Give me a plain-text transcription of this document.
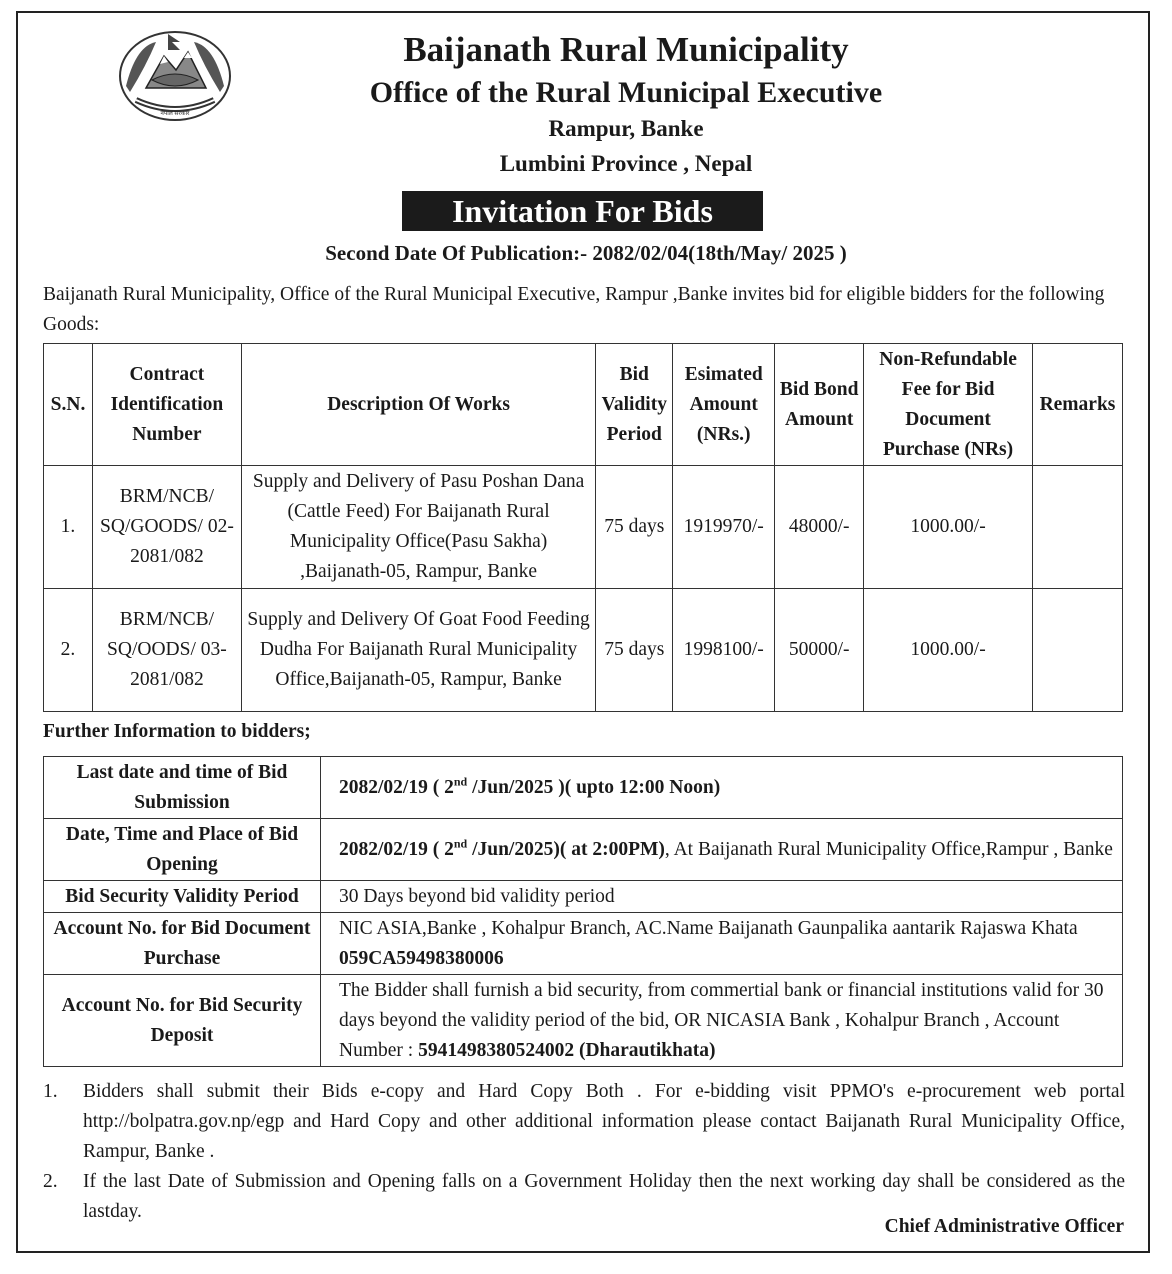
नेपाल सरकार
Baijanath Rural Municipality
Office of the Rural Municipal Executive
Rampur, Banke
Lumbini Province , Nepal
Invitation For Bids
Second Date Of Publication:- 2082/02/04(18th/May/ 2025 )
Baijanath Rural Municipality, Office of the Rural Municipal Executive, Rampur ,Banke invites bid for eligible bidders for the following Goods:
S.N.	Contract Identification Number	Description Of Works	Bid Validity Period	Esimated Amount (NRs.)	Bid Bond Amount	Non-Refundable Fee for Bid Document Purchase (NRs)	Remarks
1.	BRM/NCB/ SQ/GOODS/ 02-2081/082	Supply and Delivery of Pasu Poshan Dana (Cattle Feed) For Baijanath Rural Municipality Office(Pasu Sakha) ,Baijanath-05, Rampur, Banke	75 days	1919970/-	48000/-	1000.00/-	
2.	BRM/NCB/ SQ/OODS/ 03-2081/082	Supply and Delivery Of Goat Food Feeding Dudha For Baijanath Rural Municipality Office,Baijanath-05, Rampur, Banke	75 days	1998100/-	50000/-	1000.00/-	
Further Information to bidders;
Last date and time of Bid Submission	2082/02/19 ( 2nd /Jun/2025 )( upto 12:00 Noon)
Date, Time and Place of Bid Opening	2082/02/19 ( 2nd /Jun/2025)( at 2:00PM), At Baijanath Rural Municipality Office,Rampur , Banke
Bid Security Validity Period	30 Days beyond bid validity period
Account No. for Bid Document Purchase	NIC ASIA,Banke , Kohalpur Branch, AC.Name Baijanath Gaunpalika aantarik Rajaswa Khata 059CA59498380006
Account No. for Bid Security Deposit	The Bidder shall furnish a bid security, from commertial bank or financial institutions valid for 30 days beyond the validity period of the bid, OR NICASIA Bank , Kohalpur Branch , Account Number : 5941498380524002 (Dharautikhata)
1.	Bidders shall submit their Bids e-copy and Hard Copy Both . For e-bidding visit PPMO's e-procurement web portal http://bolpatra.gov.np/egp and Hard Copy and other additional information please contact Baijanath Rural Municipality Office, Rampur, Banke .
2.	If the last Date of Submission and Opening falls on a Government Holiday then the next working day shall be considered as the lastday.
Chief Administrative Officer
